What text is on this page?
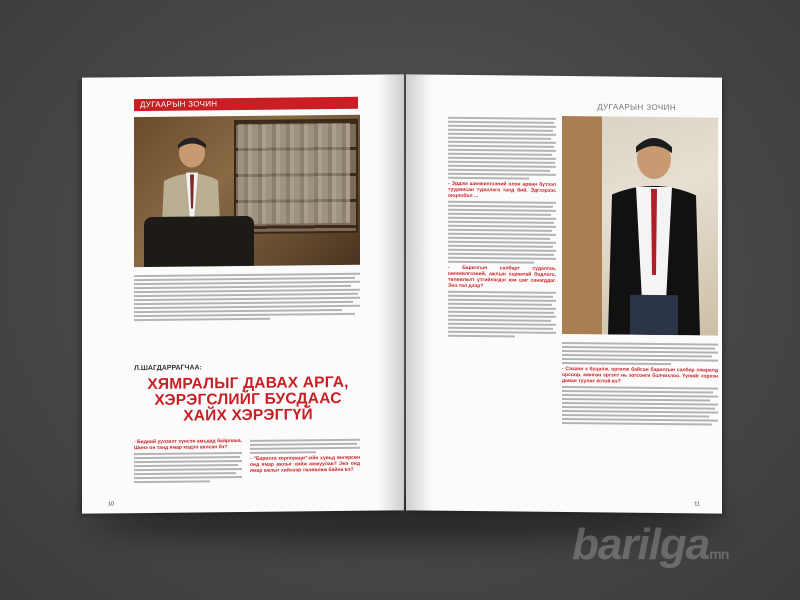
ДУГААРЫН ЗОЧИН
Л.ШАГДАРРАГЧАА:
ХЯМРАЛЫГ ДАВАХ АРГА, ХЭРЭГСЛИЙГ БУСДААС ХАЙХ ХЭРЭГГҮЙ
- Бидний уулзалт хүнсэн амьдад байрлана. Шинэ он танд ямар мэдээ аялсан бэ?
- “Барилга корпораци”-ийн хувьд өнгөрсөн онд ямар ажлыг хийж амжуулав? Энэ онд ямар ажлыг хийхээр төлөвлөж байна вэ?
10
ДУГААРЫН ЗОЧИН
- Эрдэм шинжилгээний олон арван бүтээл туурвисан туршлага танд бий. Эдгээрээс онцлобол ...
- Барилгын салбарт судалгаа, шинжилгээний, ажлын хараатай бодлого, төлөвлөлт утгийлэгдэг юм шиг санагддаг. Энэ тал дээр?
- Сахаан к буцалж, оргилж байсан барилгын салбар хямралд орсоор, мөнгөн эргэлт нь зогсонги болчихлоо. Үүнийг хэрхэн даван туулах ёстой вэ?
11
barilgamn
